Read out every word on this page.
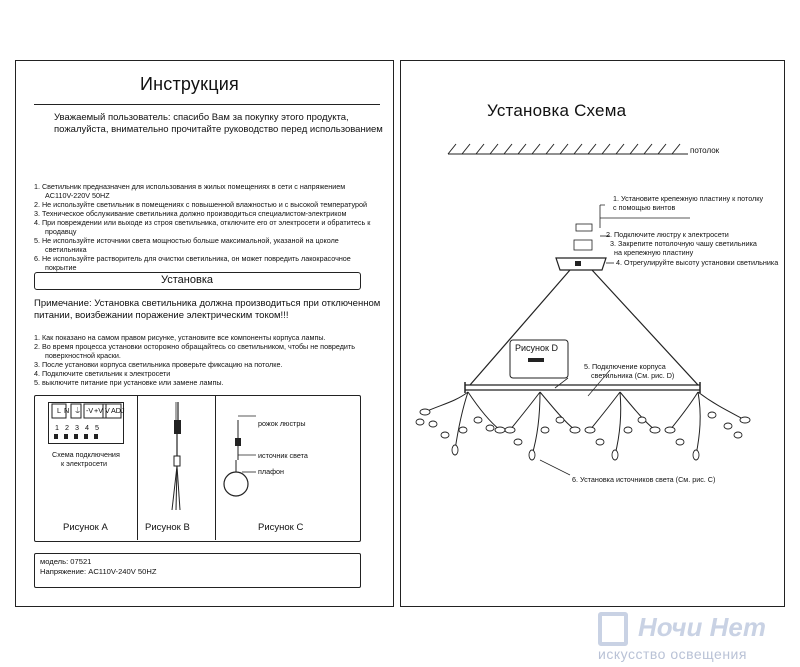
Инструкция
Уважаемый пользователь: спасибо Вам за покупку этого продукта,
пожалуйста, внимательно прочитайте руководство перед использованием
1. Светильник предназначен для использования в жилых помещениях в сети с напряжением
AC110V-220V 50HZ
2. Не используйте светильник в помещениях с повышенной влажностью и с высокой температурой
3. Техническое обслуживание светильника должно производиться специалистом-электриком
4. При повреждении или выходе из строя светильника, отключите его от электросети и обратитесь к
продавцу
5. Не используйте источники света мощностью больше максимальной, указаной на цоколе
светильника
6. Не используйте растворитель для очистки светильника, он может повредить лакокрасочное
покрытие
Установка
Примечание: Установка светильника должна производиться при отключенном
питании, воизбежании поражение электрическим током!!!
1. Как показано на самом правом рисунке, установите все компоненты корпуса лампы.
2. Во время процесса установки осторожно обращайтесь со светильником, чтобы не повредить
поверхностной краски.
3. После установки корпуса светильника проверьте фиксацию на потолке.
4. Подключите светильник к электросети
5. выключите питание при установке или замене лампы.
L N ⏚ -V +V V ADJ
1 2 3 4 5
Схема подключения
к электросети
Рисунок А	Рисунок В
рожок люстры
источник света
плафон
Рисунок С
модель: 07521
Напряжение: AC110V-240V 50HZ
Установка Схема
потолок
1. Установите крепежную пластину к потолку
с помощью винтов
2. Подключите люстру к электросети
3. Закрепите потолочную чашу светильника
на крепежную пластину
4. Отрегулируйте высоту установки светильника
5. Подключение корпуса
светильника (См. рис. D)
6. Установка источников света (См. рис. С)
Рисунок D
Ночи Нет
искусство освещения
